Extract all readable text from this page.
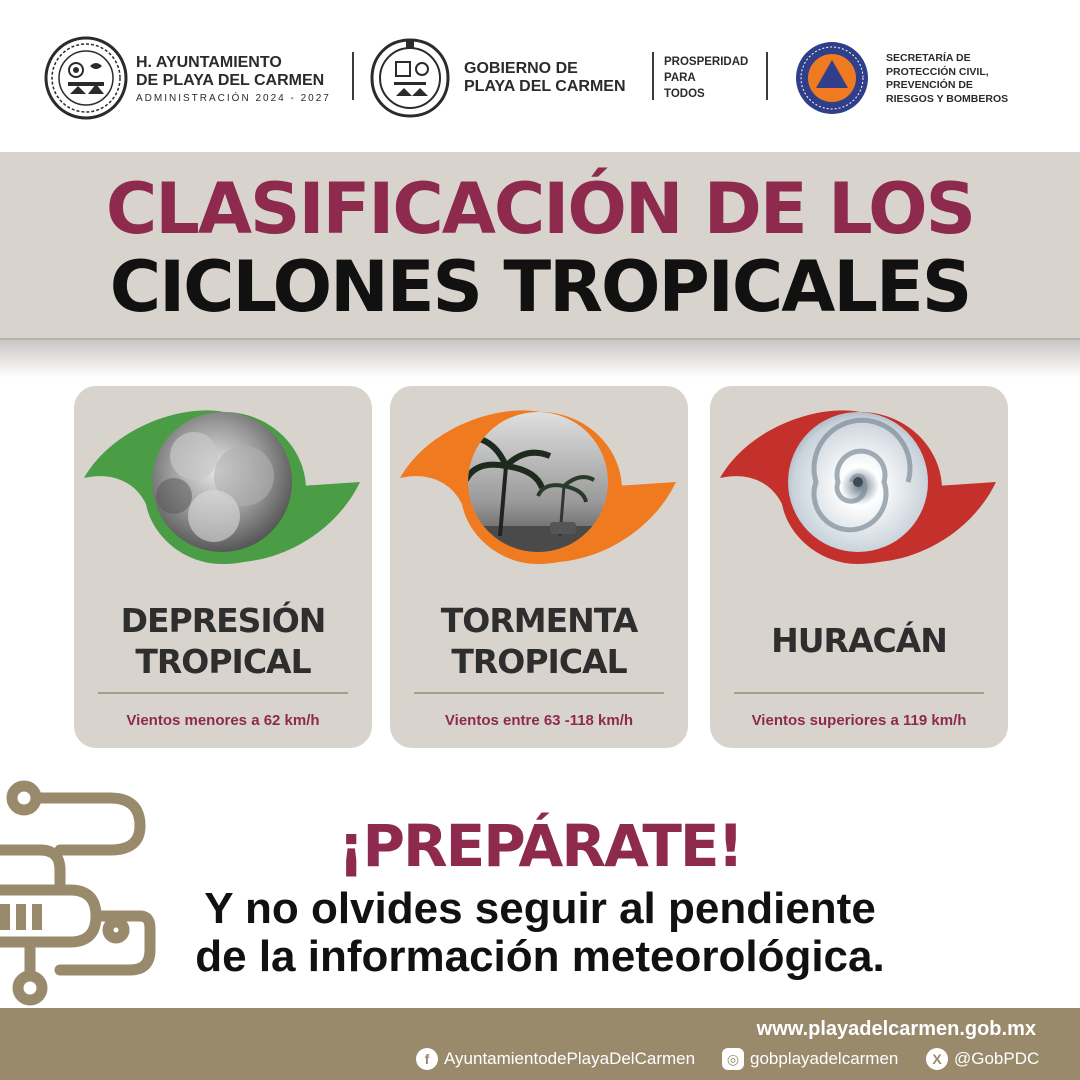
H. AYUNTAMIENTO
DE PLAYA DEL CARMEN
ADMINISTRACIÓN 2024 - 2027
GOBIERNO DE
PLAYA DEL CARMEN
PROSPERIDAD
PARA
TODOS
SECRETARÍA DE
PROTECCIÓN CIVIL,
PREVENCIÓN DE
RIESGOS Y BOMBEROS
CLASIFICACIÓN DE LOS
CICLONES TROPICALES
DEPRESIÓN
TROPICAL
Vientos menores a 62 km/h
TORMENTA
TROPICAL
Vientos entre 63 -118 km/h
HURACÁN
Vientos superiores a 119 km/h
¡PREPÁRATE!
Y no olvides seguir al pendiente
de la información meteorológica.
www.playadelcarmen.gob.mx
f AyuntamientodePlayaDelCarmen	◎ gobplayadelcarmen	X @GobPDC
